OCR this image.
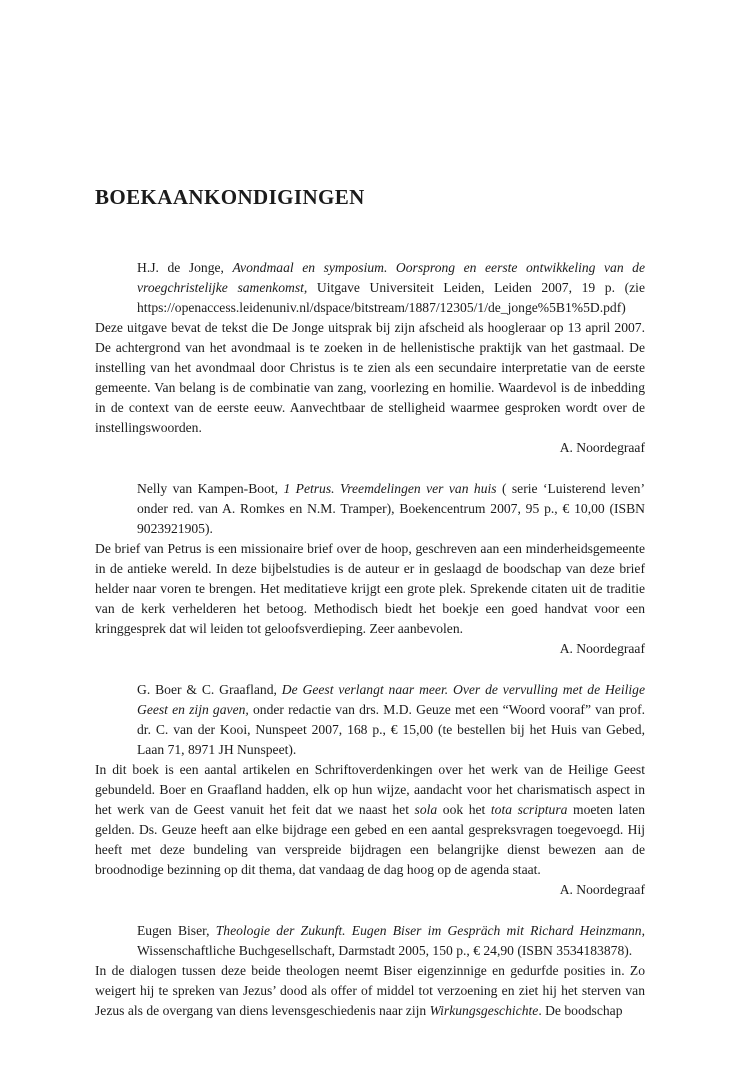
BOEKAANKONDIGINGEN

H.J. de Jonge, Avondmaal en symposium. Oorsprong en eerste ontwikkeling van de vroegchristelijke samenkomst, Uitgave Universiteit Leiden, Leiden 2007, 19 p. (zie https://openaccess.leidenuniv.nl/dspace/bitstream/1887/12305/1/de_jonge%5B1%5D.pdf)

Deze uitgave bevat de tekst die De Jonge uitsprak bij zijn afscheid als hoogleraar op 13 april 2007. De achtergrond van het avondmaal is te zoeken in de hellenistische praktijk van het gastmaal. De instelling van het avondmaal door Christus is te zien als een secundaire interpretatie van de eerste gemeente. Van belang is de combinatie van zang, voorlezing en homilie. Waardevol is de inbedding in de context van de eerste eeuw. Aanvechtbaar de stelligheid waarmee gesproken wordt over de instellingswoorden.

A. Noordegraaf

Nelly van Kampen-Boot, 1 Petrus. Vreemdelingen ver van huis ( serie ‘Luisterend leven’ onder red. van A. Romkes en N.M. Tramper), Boekencentrum 2007, 95 p., € 10,00 (ISBN 9023921905).

De brief van Petrus is een missionaire brief over de hoop, geschreven aan een minderheidsgemeente in de antieke wereld. In deze bijbelstudies is de auteur er in geslaagd de boodschap van deze brief helder naar voren te brengen. Het meditatieve krijgt een grote plek. Sprekende citaten uit de traditie van de kerk verhelderen het betoog. Methodisch biedt het boekje een goed handvat voor een kringgesprek dat wil leiden tot geloofsverdieping. Zeer aanbevolen.

A. Noordegraaf

G. Boer & C. Graafland, De Geest verlangt naar meer. Over de vervulling met de Heilige Geest en zijn gaven, onder redactie van drs. M.D. Geuze met een “Woord vooraf” van prof. dr. C. van der Kooi, Nunspeet 2007, 168 p., € 15,00 (te bestellen bij het Huis van Gebed, Laan 71, 8971 JH Nunspeet).

In dit boek is een aantal artikelen en Schriftoverdenkingen over het werk van de Heilige Geest gebundeld. Boer en Graafland hadden, elk op hun wijze, aandacht voor het charismatisch aspect in het werk van de Geest vanuit het feit dat we naast het sola ook het tota scriptura moeten laten gelden. Ds. Geuze heeft aan elke bijdrage een gebed en een aantal gespreksvragen toegevoegd. Hij heeft met deze bundeling van verspreide bijdragen een belangrijke dienst bewezen aan de broodnodige bezinning op dit thema, dat vandaag de dag hoog op de agenda staat.

A. Noordegraaf

Eugen Biser, Theologie der Zukunft. Eugen Biser im Gespräch mit Richard Heinzmann, Wissenschaftliche Buchgesellschaft, Darmstadt 2005, 150 p., € 24,90 (ISBN 3534183878).

In de dialogen tussen deze beide theologen neemt Biser eigenzinnige en gedurfde posities in. Zo weigert hij te spreken van Jezus’ dood als offer of middel tot verzoening en ziet hij het sterven van Jezus als de overgang van diens levensgeschiedenis naar zijn Wirkungsgeschichte. De boodschap
